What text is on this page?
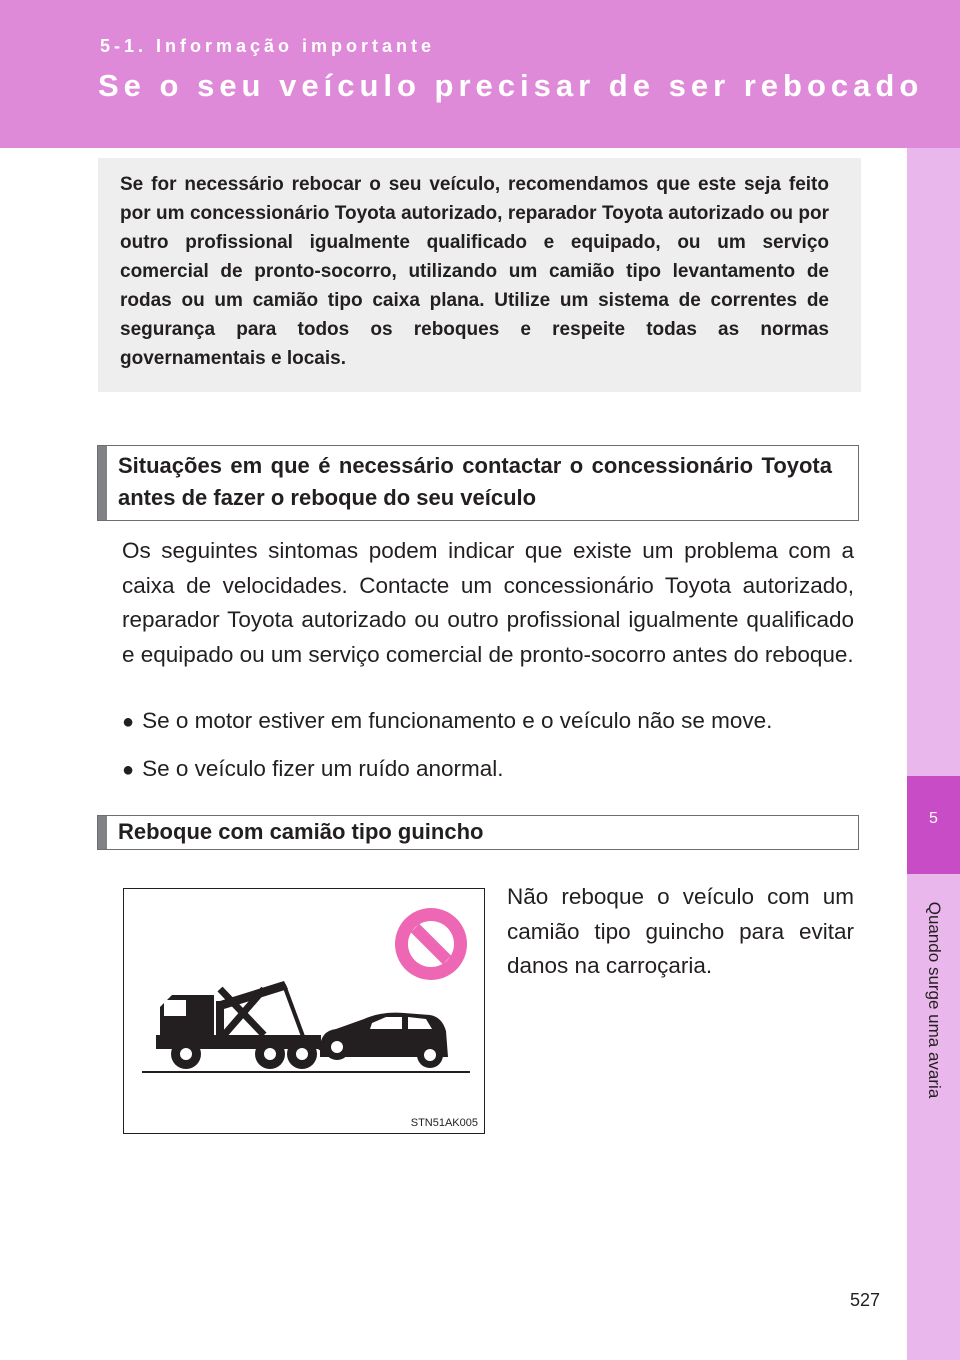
5-1. Informação importante
Se o seu veículo precisar de ser rebocado
5
Quando surge uma avaria

Se for necessário rebocar o seu veículo, recomendamos que este seja feito por um concessionário Toyota autorizado, reparador Toyota autorizado ou por outro profissional igualmente qualificado e equipado, ou um serviço comercial de pronto-socorro, utilizando um camião tipo levantamento de rodas ou um camião tipo caixa plana. Utilize um sistema de correntes de segurança para todos os reboques e respeite todas as normas governamentais e locais.

Situações em que é necessário contactar o concessionário Toyota antes de fazer o reboque do seu veículo

Os seguintes sintomas podem indicar que existe um problema com a caixa de velocidades. Contacte um concessionário Toyota autorizado, reparador Toyota autorizado ou outro profissional igualmente qualificado e equipado ou um serviço comercial de pronto-socorro antes do reboque.

● Se o motor estiver em funcionamento e o veículo não se move.
● Se o veículo fizer um ruído anormal.
Reboque com camião tipo guincho
STN51AK005

Não reboque o veículo com um camião tipo guincho para evitar danos na carroçaria.

527
